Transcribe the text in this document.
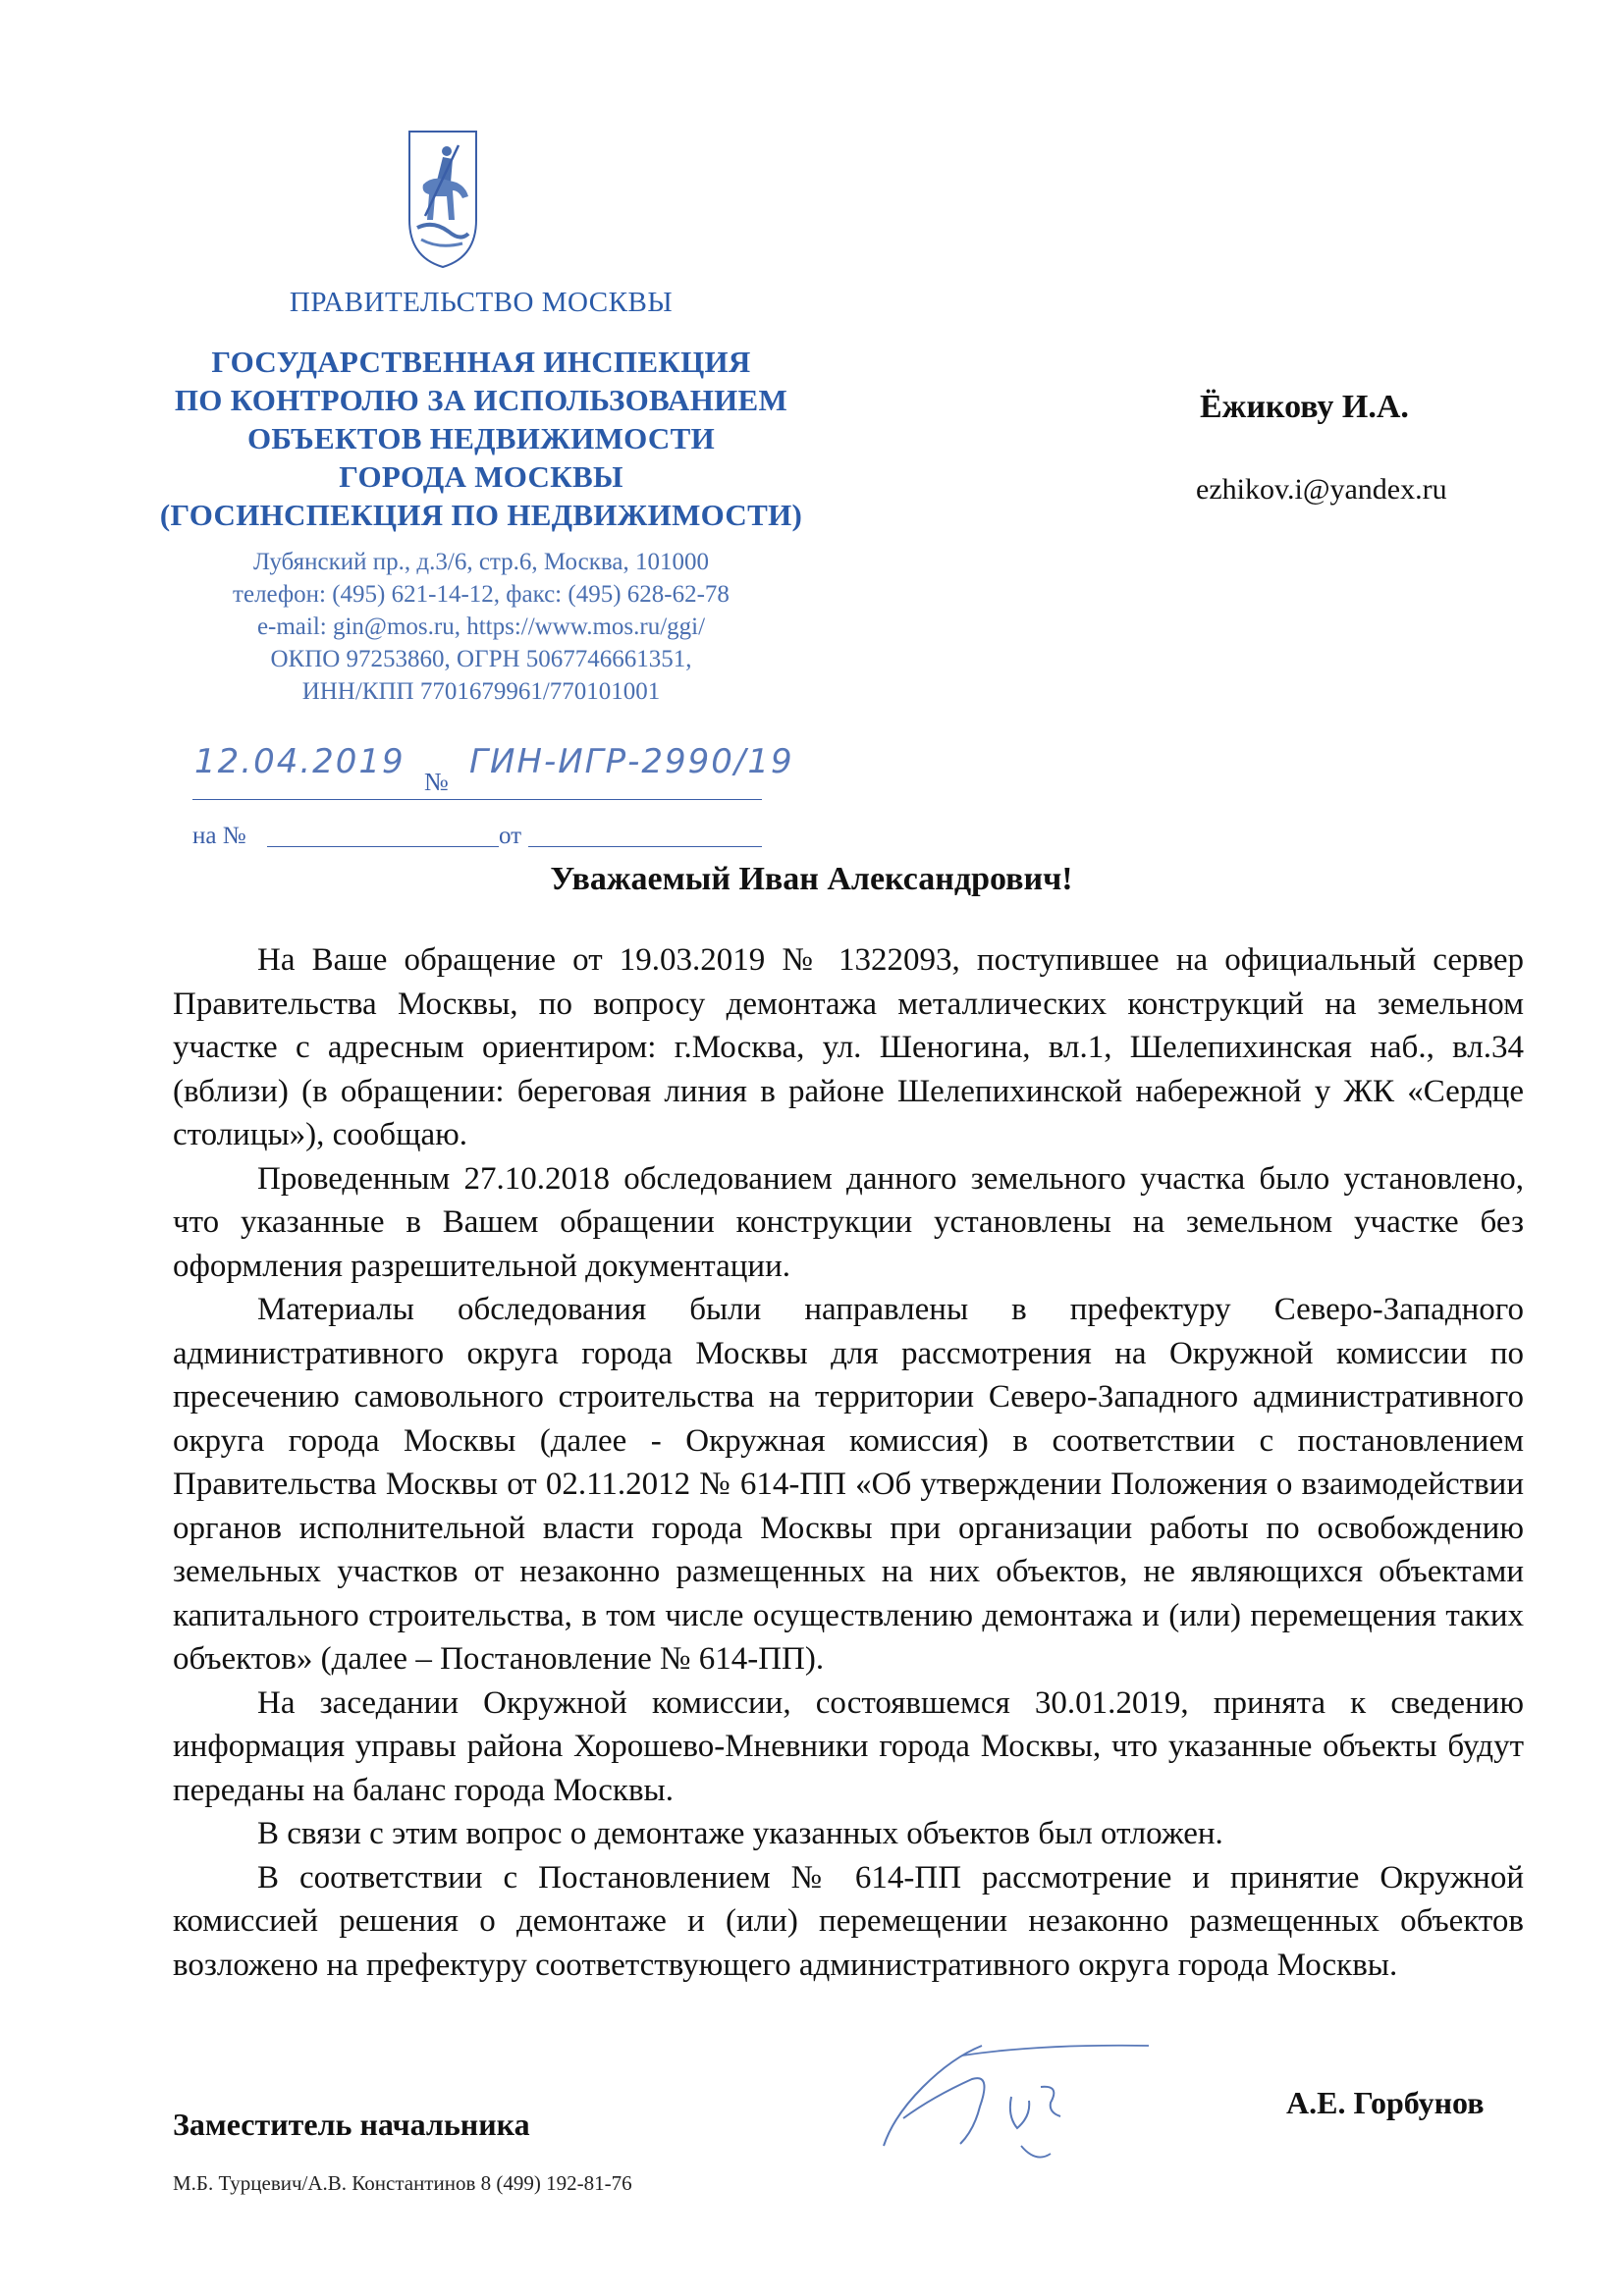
ПРАВИТЕЛЬСТВО МОСКВЫ
ГОСУДАРСТВЕННАЯ ИНСПЕКЦИЯ
ПО КОНТРОЛЮ ЗА ИСПОЛЬЗОВАНИЕМ
ОБЪЕКТОВ НЕДВИЖИМОСТИ
ГОРОДА МОСКВЫ
(ГОСИНСПЕКЦИЯ ПО НЕДВИЖИМОСТИ)
Лубянский пр., д.3/6, стр.6, Москва, 101000
телефон: (495) 621-14-12, факс: (495) 628-62-78
e-mail: gin@mos.ru, https://www.mos.ru/ggi/
ОКПО 97253860, ОГРН 5067746661351,
ИНН/КПП 7701679961/770101001
12.04.2019
№
ГИН-ИГР-2990/19
на №	от
Ёжикову И.А.
ezhikov.i@yandex.ru
Уважаемый Иван Александрович!

На Ваше обращение от 19.03.2019 № 1322093, поступившее на официальный сервер Правительства Москвы, по вопросу демонтажа металлических конструкций на земельном участке с адресным ориентиром: г.Москва, ул. Шеногина, вл.1, Шелепихинская наб., вл.34 (вблизи) (в обращении: береговая линия в районе Шелепихинской набережной у ЖК «Сердце столицы»), сообщаю.

Проведенным 27.10.2018 обследованием данного земельного участка было установлено, что указанные в Вашем обращении конструкции установлены на земельном участке без оформления разрешительной документации.

Материалы обследования были направлены в префектуру Северо-Западного административного округа города Москвы для рассмотрения на Окружной комиссии по пресечению самовольного строительства на территории Северо-Западного административного округа города Москвы (далее - Окружная комиссия) в соответствии с постановлением Правительства Москвы от 02.11.2012 № 614-ПП «Об утверждении Положения о взаимодействии органов исполнительной власти города Москвы при организации работы по освобождению земельных участков от незаконно размещенных на них объектов, не являющихся объектами капитального строительства, в том числе осуществлению демонтажа и (или) перемещения таких объектов» (далее – Постановление № 614-ПП).

На заседании Окружной комиссии, состоявшемся 30.01.2019, принята к сведению информация управы района Хорошево-Мневники города Москвы, что указанные объекты будут переданы на баланс города Москвы.

В связи с этим вопрос о демонтаже указанных объектов был отложен.

В соответствии с Постановлением № 614-ПП рассмотрение и принятие Окружной комиссией решения о демонтаже и (или) перемещении незаконно размещенных объектов возложено на префектуру соответствующего административного округа города Москвы.

Заместитель начальника
А.Е. Горбунов
М.Б. Турцевич/А.В. Константинов 8 (499) 192-81-76
